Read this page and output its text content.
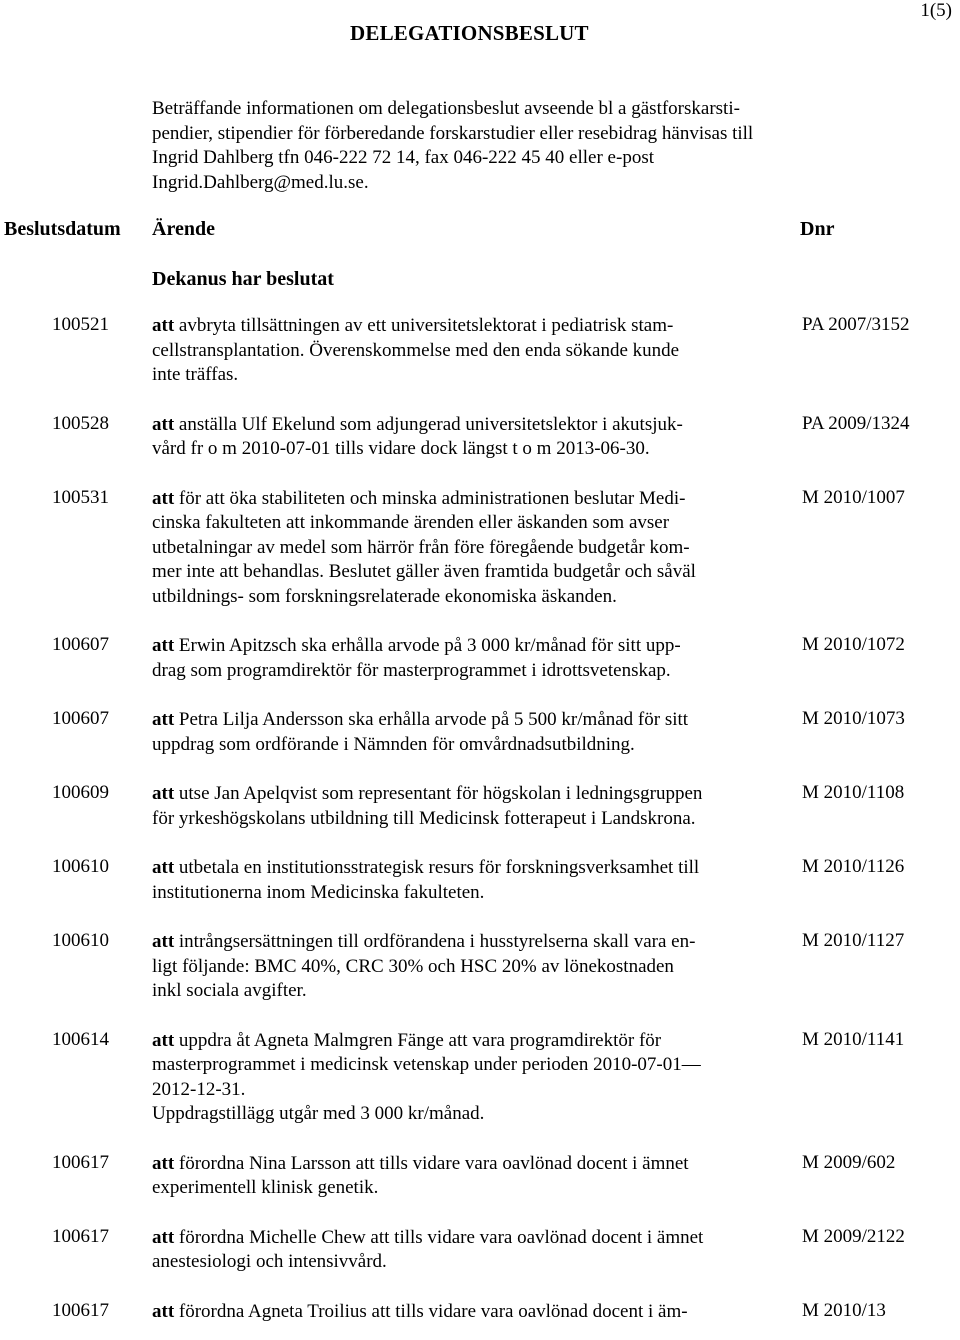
1(5)
DELEGATIONSBESLUT
Beträffande informationen om delegationsbeslut avseende bl a gästforskarsti-
pendier, stipendier för förberedande forskarstudier eller resebidrag hänvisas till
Ingrid Dahlberg tfn 046-222 72 14, fax 046-222 45 40 eller e-post
Ingrid.Dahlberg@med.lu.se.
Beslutsdatum Ärende	Dnr
Dekanus har beslutat
100521 att avbryta tillsättningen av ett universitetslektorat i pediatrisk stam-
cellstransplantation. Överenskommelse med den enda sökande kunde
inte träffas.
PA 2007/3152
100528 att anställa Ulf Ekelund som adjungerad universitetslektor i akutsjuk-
vård fr o m 2010-07-01 tills vidare dock längst t o m 2013-06-30.
PA 2009/1324
100531 att för att öka stabiliteten och minska administrationen beslutar Medi-
cinska fakulteten att inkommande ärenden eller äskanden som avser
utbetalningar av medel som härrör från före föregående budgetår kom-
mer inte att behandlas. Beslutet gäller även framtida budgetår och såväl
utbildnings- som forskningsrelaterade ekonomiska äskanden.
M 2010/1007
100607 att Erwin Apitzsch ska erhålla arvode på 3 000 kr/månad för sitt upp-
drag som programdirektör för masterprogrammet i idrottsvetenskap.
M 2010/1072
100607 att Petra Lilja Andersson ska erhålla arvode på 5 500 kr/månad för sitt
uppdrag som ordförande i Nämnden för omvårdnadsutbildning.
M 2010/1073
100609 att utse Jan Apelqvist som representant för högskolan i ledningsgruppen
för yrkeshögskolans utbildning till Medicinsk fotterapeut i Landskrona.
M 2010/1108
100610 att utbetala en institutionsstrategisk resurs för forskningsverksamhet till
institutionerna inom Medicinska fakulteten.
M 2010/1126
100610 att intrångsersättningen till ordförandena i husstyrelserna skall vara en-
ligt följande: BMC 40%, CRC 30% och HSC 20% av lönekostnaden
inkl sociala avgifter.
M 2010/1127
100614 att uppdra åt Agneta Malmgren Fänge att vara programdirektör för
masterprogrammet i medicinsk vetenskap under perioden 2010-07-01—
2012-12-31.
Uppdragstillägg utgår med 3 000 kr/månad.
M 2010/1141
100617 att förordna Nina Larsson att tills vidare vara oavlönad docent i ämnet
experimentell klinisk genetik.
M 2009/602
100617 att förordna Michelle Chew att tills vidare vara oavlönad docent i ämnet
anestesiologi och intensivvård.
M 2009/2122
100617 att förordna Agneta Troilius att tills vidare vara oavlönad docent i äm-	M 2010/13
